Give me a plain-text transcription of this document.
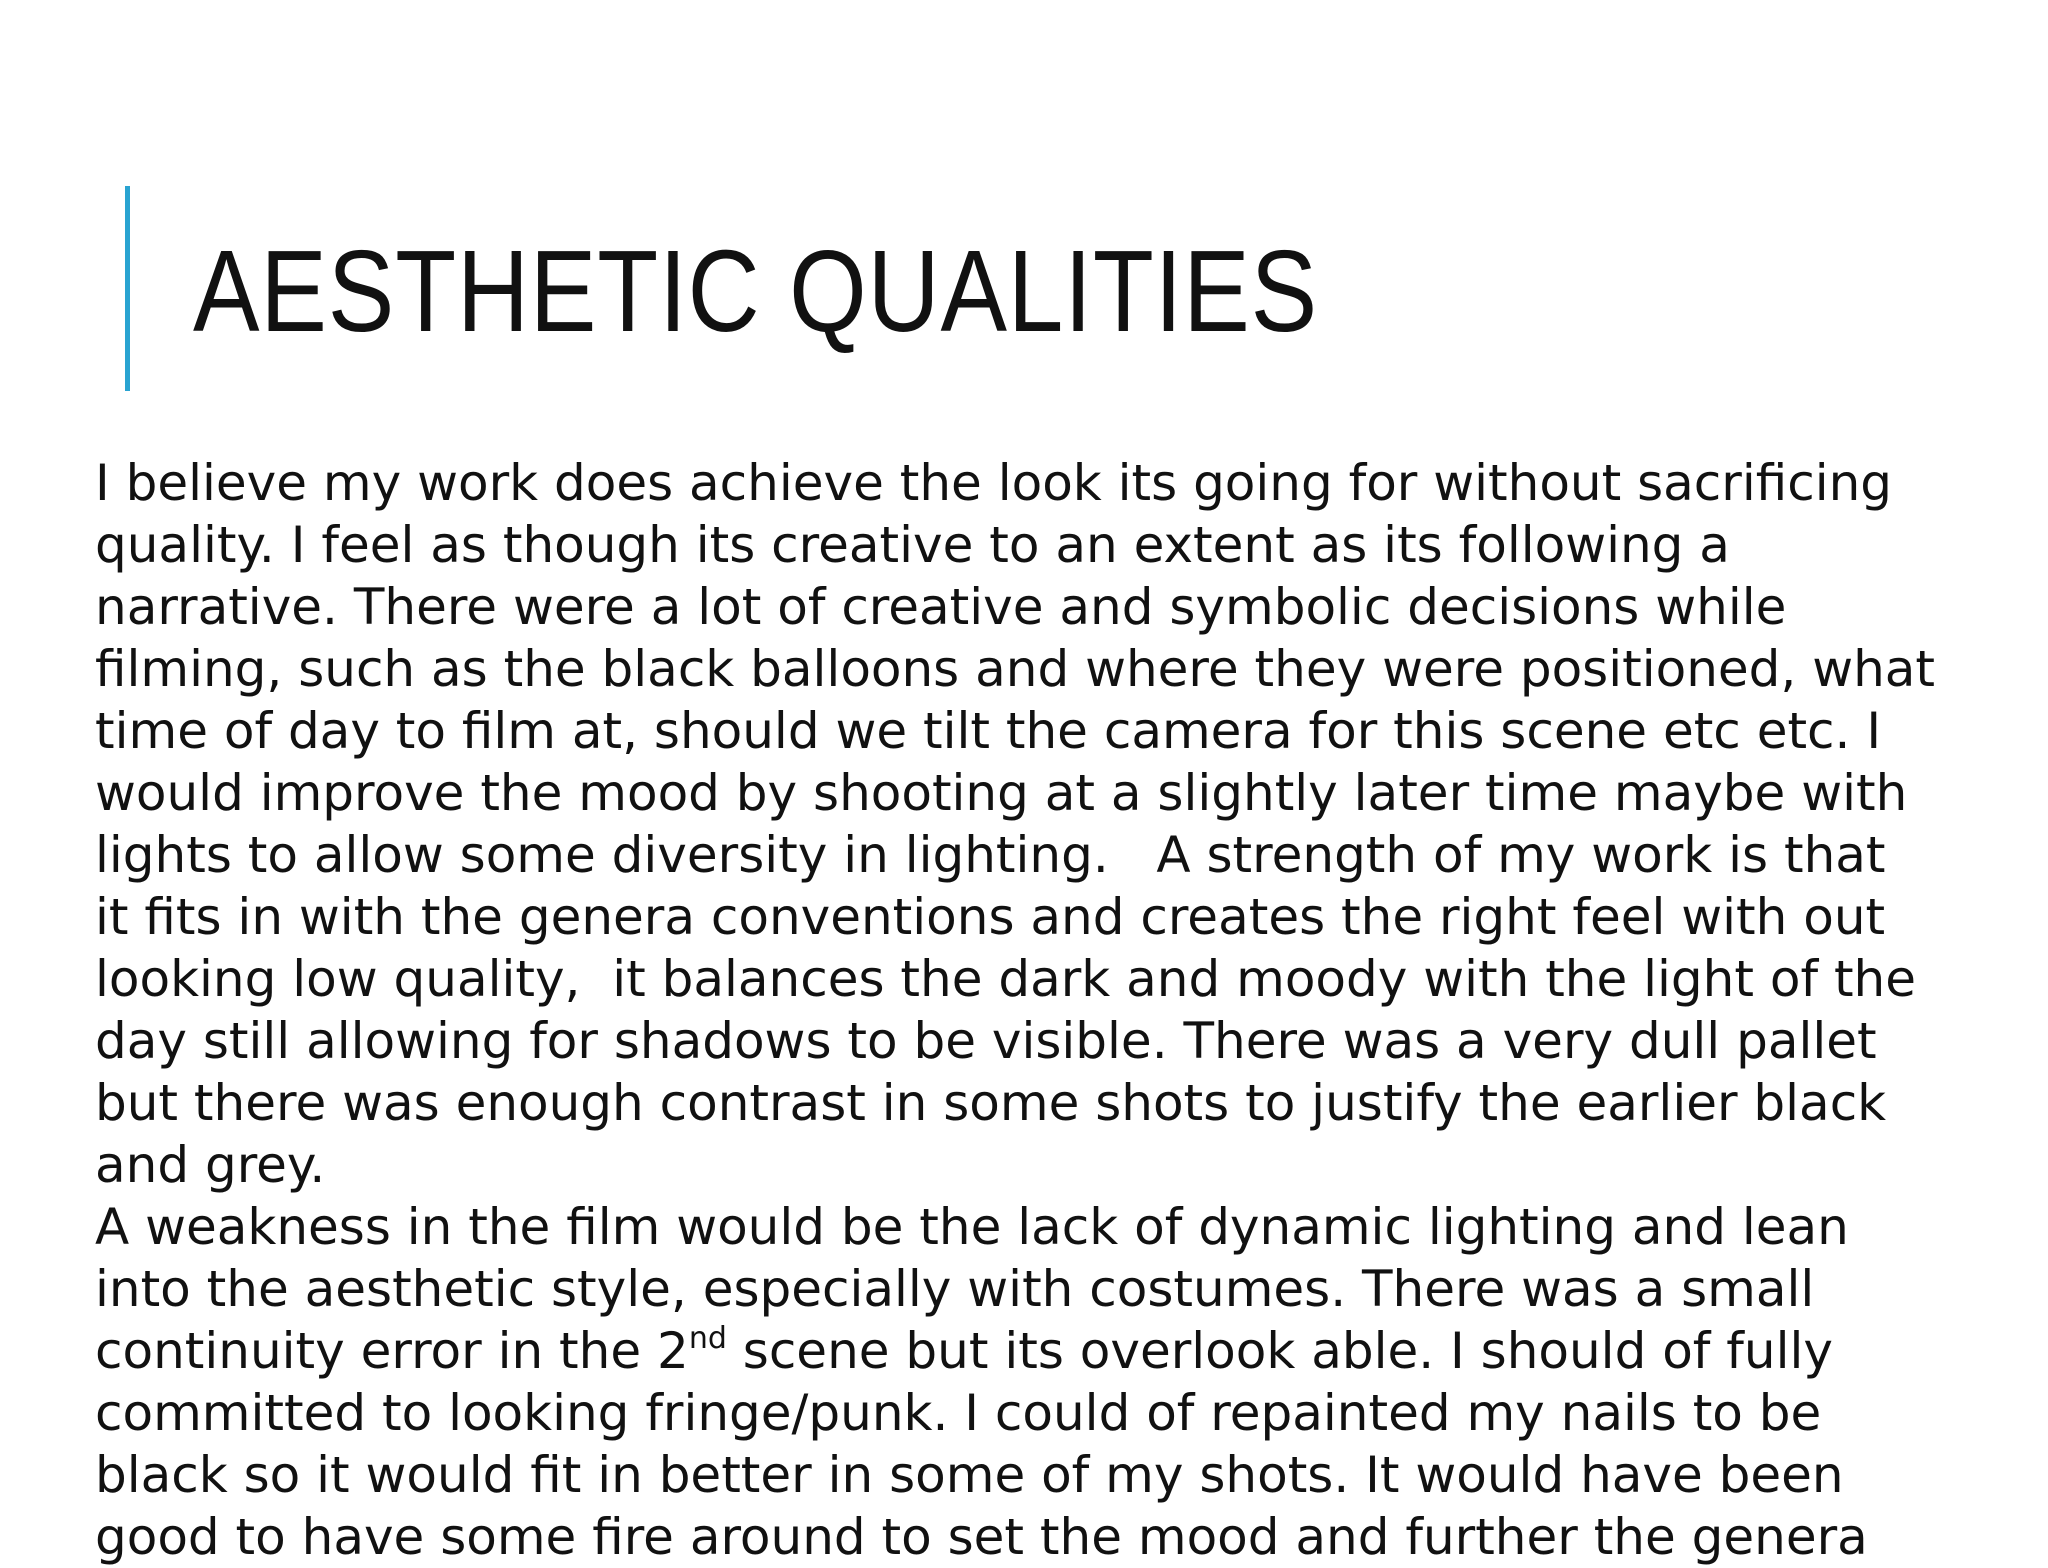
AESTHETIC QUALITIES
I believe my work does achieve the look its going for without sacrificing
quality. I feel as though its creative to an extent as its following a
narrative. There were a lot of creative and symbolic decisions while
filming, such as the black balloons and where they were positioned, what
time of day to film at, should we tilt the camera for this scene etc etc. I
would improve the mood by shooting at a slightly later time maybe with
lights to allow some diversity in lighting.   A strength of my work is that
it fits in with the genera conventions and creates the right feel with out
looking low quality,  it balances the dark and moody with the light of the
day still allowing for shadows to be visible. There was a very dull pallet
but there was enough contrast in some shots to justify the earlier black
and grey.
A weakness in the film would be the lack of dynamic lighting and lean
into the aesthetic style, especially with costumes. There was a small
continuity error in the 2nd scene but its overlook able. I should of fully
committed to looking fringe/punk. I could of repainted my nails to be
black so it would fit in better in some of my shots. It would have been
good to have some fire around to set the mood and further the genera
